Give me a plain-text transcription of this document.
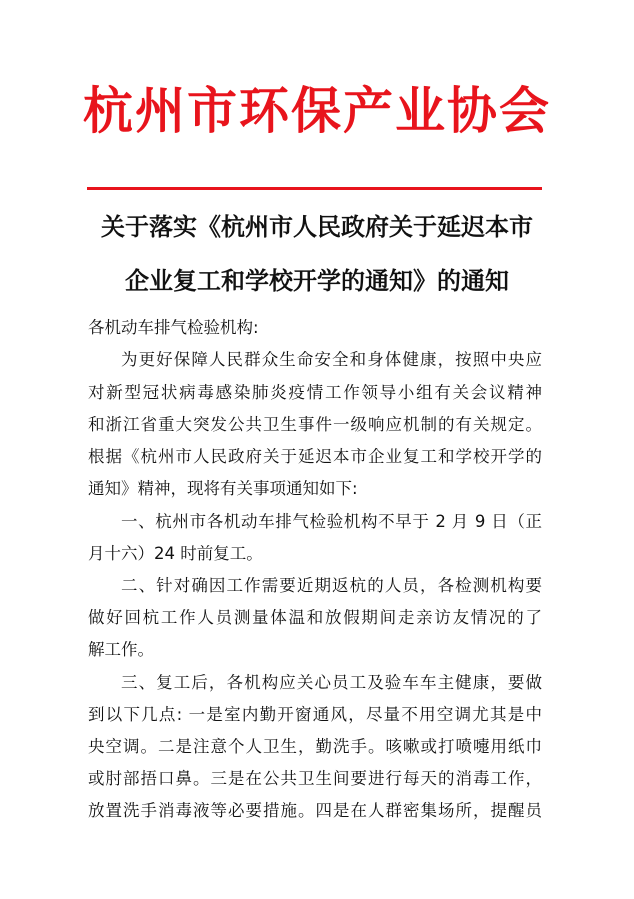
杭州市环保产业协会
关于落实《杭州市人民政府关于延迟本市
企业复工和学校开学的通知》的通知
各机动车排气检验机构:
为更好保障人民群众生命安全和身体健康，按照中央应
对新型冠状病毒感染肺炎疫情工作领导小组有关会议精神
和浙江省重大突发公共卫生事件一级响应机制的有关规定。
根据《杭州市人民政府关于延迟本市企业复工和学校开学的
通知》精神，现将有关事项通知如下:
一、杭州市各机动车排气检验机构不早于 2 月 9 日（正
月十六）24 时前复工。
二、针对确因工作需要近期返杭的人员，各检测机构要
做好回杭工作人员测量体温和放假期间走亲访友情况的了
解工作。
三、复工后，各机构应关心员工及验车车主健康，要做
到以下几点: 一是室内勤开窗通风，尽量不用空调尤其是中
央空调。二是注意个人卫生，勤洗手。咳嗽或打喷嚏用纸巾
或肘部捂口鼻。三是在公共卫生间要进行每天的消毒工作，
放置洗手消毒液等必要措施。四是在人群密集场所，提醒员
